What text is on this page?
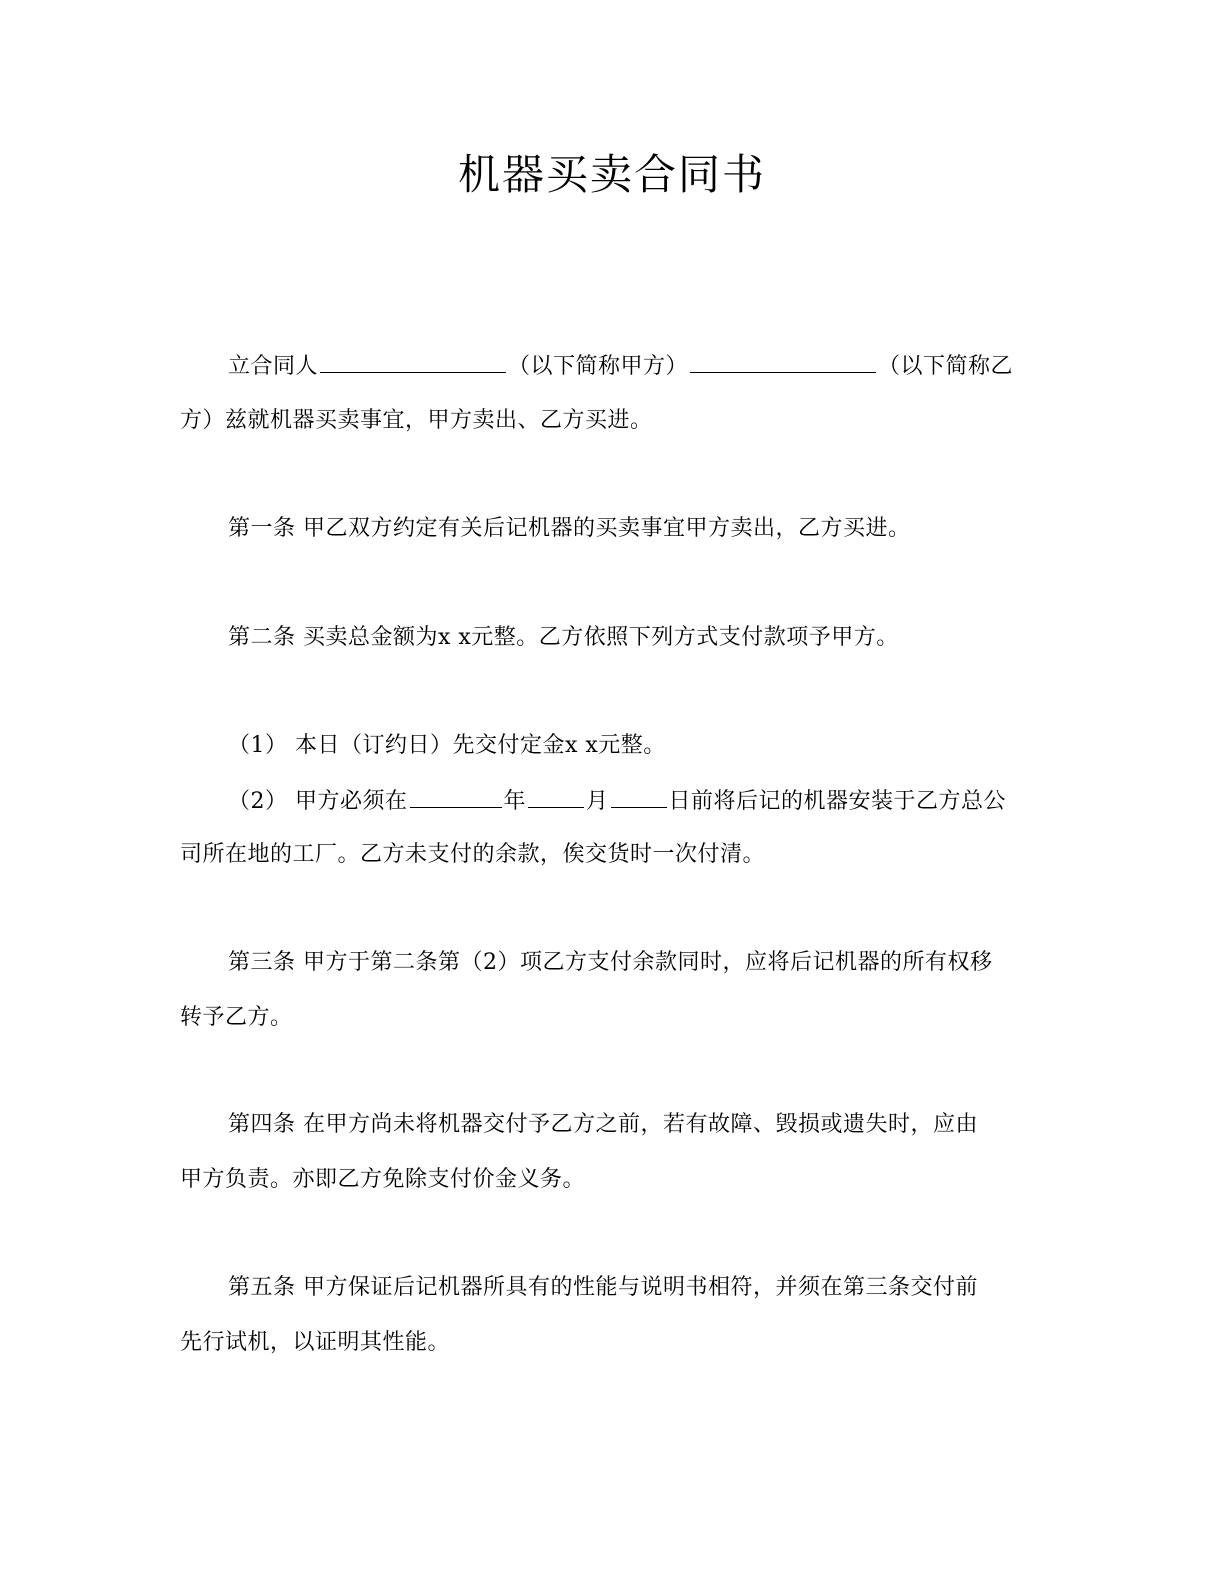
机器买卖合同书
立合同人	（以下简称甲方）	（以下简称乙
方）兹就机器买卖事宜，甲方卖出、乙方买进。
第一条 甲乙双方约定有关后记机器的买卖事宜甲方卖出，乙方买进。
第二条 买卖总金额为x x元整。乙方依照下列方式支付款项予甲方。
（1） 本日（订约日）先交付定金x x元整。
（2） 甲方必须在	年	月	日前将后记的机器安装于乙方总公
司所在地的工厂。乙方未支付的余款，俟交货时一次付清。
第三条 甲方于第二条第（2）项乙方支付余款同时，应将后记机器的所有权移
转予乙方。
第四条 在甲方尚未将机器交付予乙方之前，若有故障、毁损或遗失时，应由
甲方负责。亦即乙方免除支付价金义务。
第五条 甲方保证后记机器所具有的性能与说明书相符，并须在第三条交付前
先行试机，以证明其性能。
